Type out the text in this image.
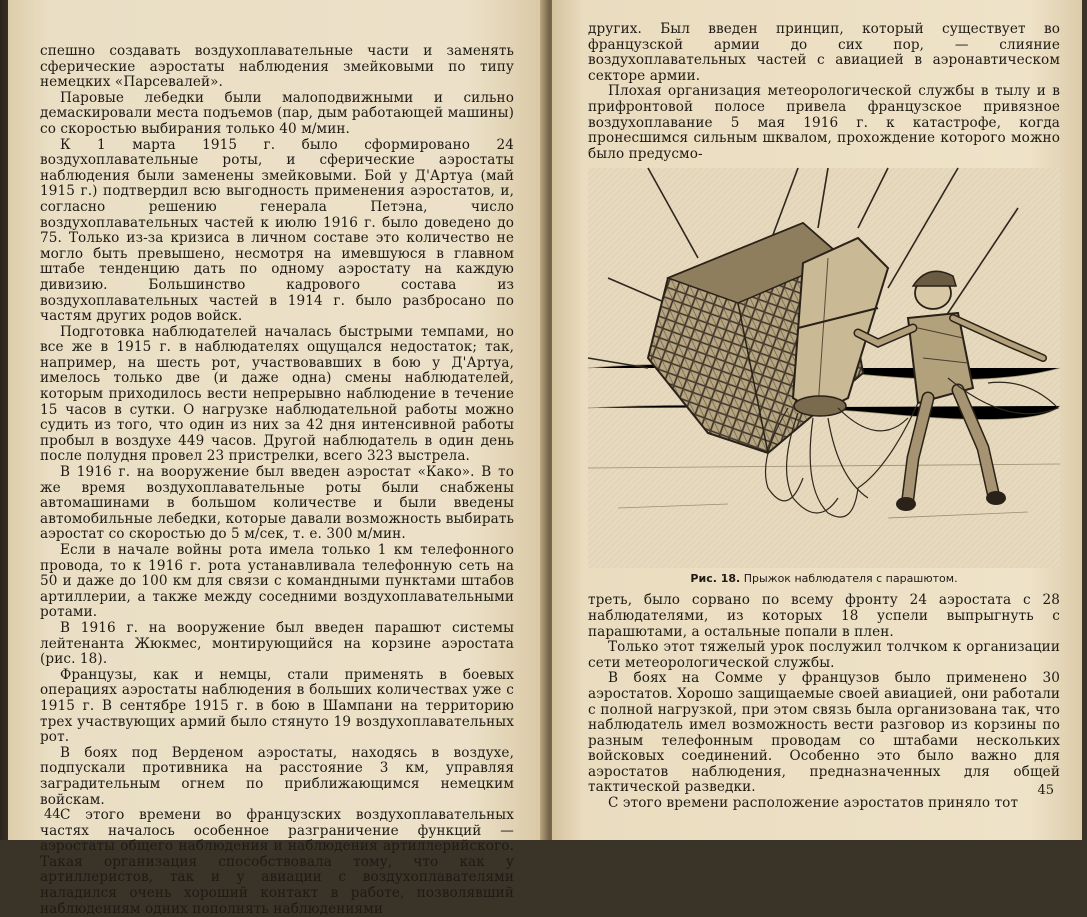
спешно создавать воздухоплавательные части и заменять сферические аэростаты наблюдения змейковыми по типу немецких «Парсевалей».

Паровые лебедки были малоподвижными и сильно демаскировали места подъемов (пар, дым работающей машины) со скоростью выбирания только 40 м/мин.

К 1 марта 1915 г. было сформировано 24 воздухоплавательные роты, и сферические аэростаты наблюдения были заменены змейковыми. Бой у Д'Артуа (май 1915 г.) подтвердил всю выгодность применения аэростатов, и, согласно решению генерала Петэна, число воздухоплавательных частей к июлю 1916 г. было доведено до 75. Только из-за кризиса в личном составе это количество не могло быть превышено, несмотря на имевшуюся в главном штабе тенденцию дать по одному аэростату на каждую дивизию. Большинство кадрового состава из воздухоплавательных частей в 1914 г. было разбросано по частям других родов войск.

Подготовка наблюдателей началась быстрыми темпами, но все же в 1915 г. в наблюдателях ощущался недостаток; так, например, на шесть рот, участвовавших в бою у Д'Артуа, имелось только две (и даже одна) смены наблюдателей, которым приходилось вести непрерывно наблюдение в течение 15 часов в сутки. О нагрузке наблюдательной работы можно судить из того, что один из них за 42 дня интенсивной работы пробыл в воздухе 449 часов. Другой наблюдатель в один день после полудня провел 23 пристрелки, всего 323 выстрела.

В 1916 г. на вооружение был введен аэростат «Како». В то же время воздухоплавательные роты были снабжены автомашинами в большом количестве и были введены автомобильные лебедки, которые давали возможность выбирать аэростат со скоростью до 5 м/сек, т. е. 300 м/мин.

Если в начале войны рота имела только 1 км телефонного провода, то к 1916 г. рота устанавливала телефонную сеть на 50 и даже до 100 км для связи с командными пунктами штабов артиллерии, а также между соседними воздухоплавательными ротами.

В 1916 г. на вооружение был введен парашют системы лейтенанта Жюкмес, монтирующийся на корзине аэростата (рис. 18).

Французы, как и немцы, стали применять в боевых операциях аэростаты наблюдения в больших количествах уже с 1915 г. В сентябре 1915 г. в бою в Шампани на территорию трех участвующих армий было стянуто 19 воздухоплавательных рот.

В боях под Верденом аэростаты, находясь в воздухе, подпускали противника на расстояние 3 км, управляя заградительным огнем по приближающимся немецким войскам.

С этого времени во французских воздухоплавательных частях началось особенное разграничение функций — аэростаты общего наблюдения и наблюдения артиллерийского. Такая организация способствовала тому, что как у артиллеристов, так и у авиации с воздухоплавателями наладился очень хороший контакт в работе, позволявший наблюдениям одних пополнять наблюдениями

44

других. Был введен принцип, который существует во французской армии до сих пор, — слияние воздухоплавательных частей с авиацией в аэронавтическом секторе армии.

Плохая организация метеорологической службы в тылу и в прифронтовой полосе привела французское привязное воздухоплавание 5 мая 1916 г. к катастрофе, когда пронесшимся сильным шквалом, прохождение которого можно было предусмо-

Рис. 18. Прыжок наблюдателя с парашютом.

треть, было сорвано по всему фронту 24 аэростата с 28 наблюдателями, из которых 18 успели выпрыгнуть с парашютами, а остальные попали в плен.

Только этот тяжелый урок послужил толчком к организации сети метеорологической службы.

В боях на Сомме у французов было применено 30 аэростатов. Хорошо защищаемые своей авиацией, они работали с полной нагрузкой, при этом связь была организована так, что наблюдатель имел возможность вести разговор из корзины по разным телефонным проводам со штабами нескольких войсковых соединений. Особенно это было важно для аэростатов наблюдения, предназначенных для общей тактической разведки.

С этого времени расположение аэростатов приняло тот

45
